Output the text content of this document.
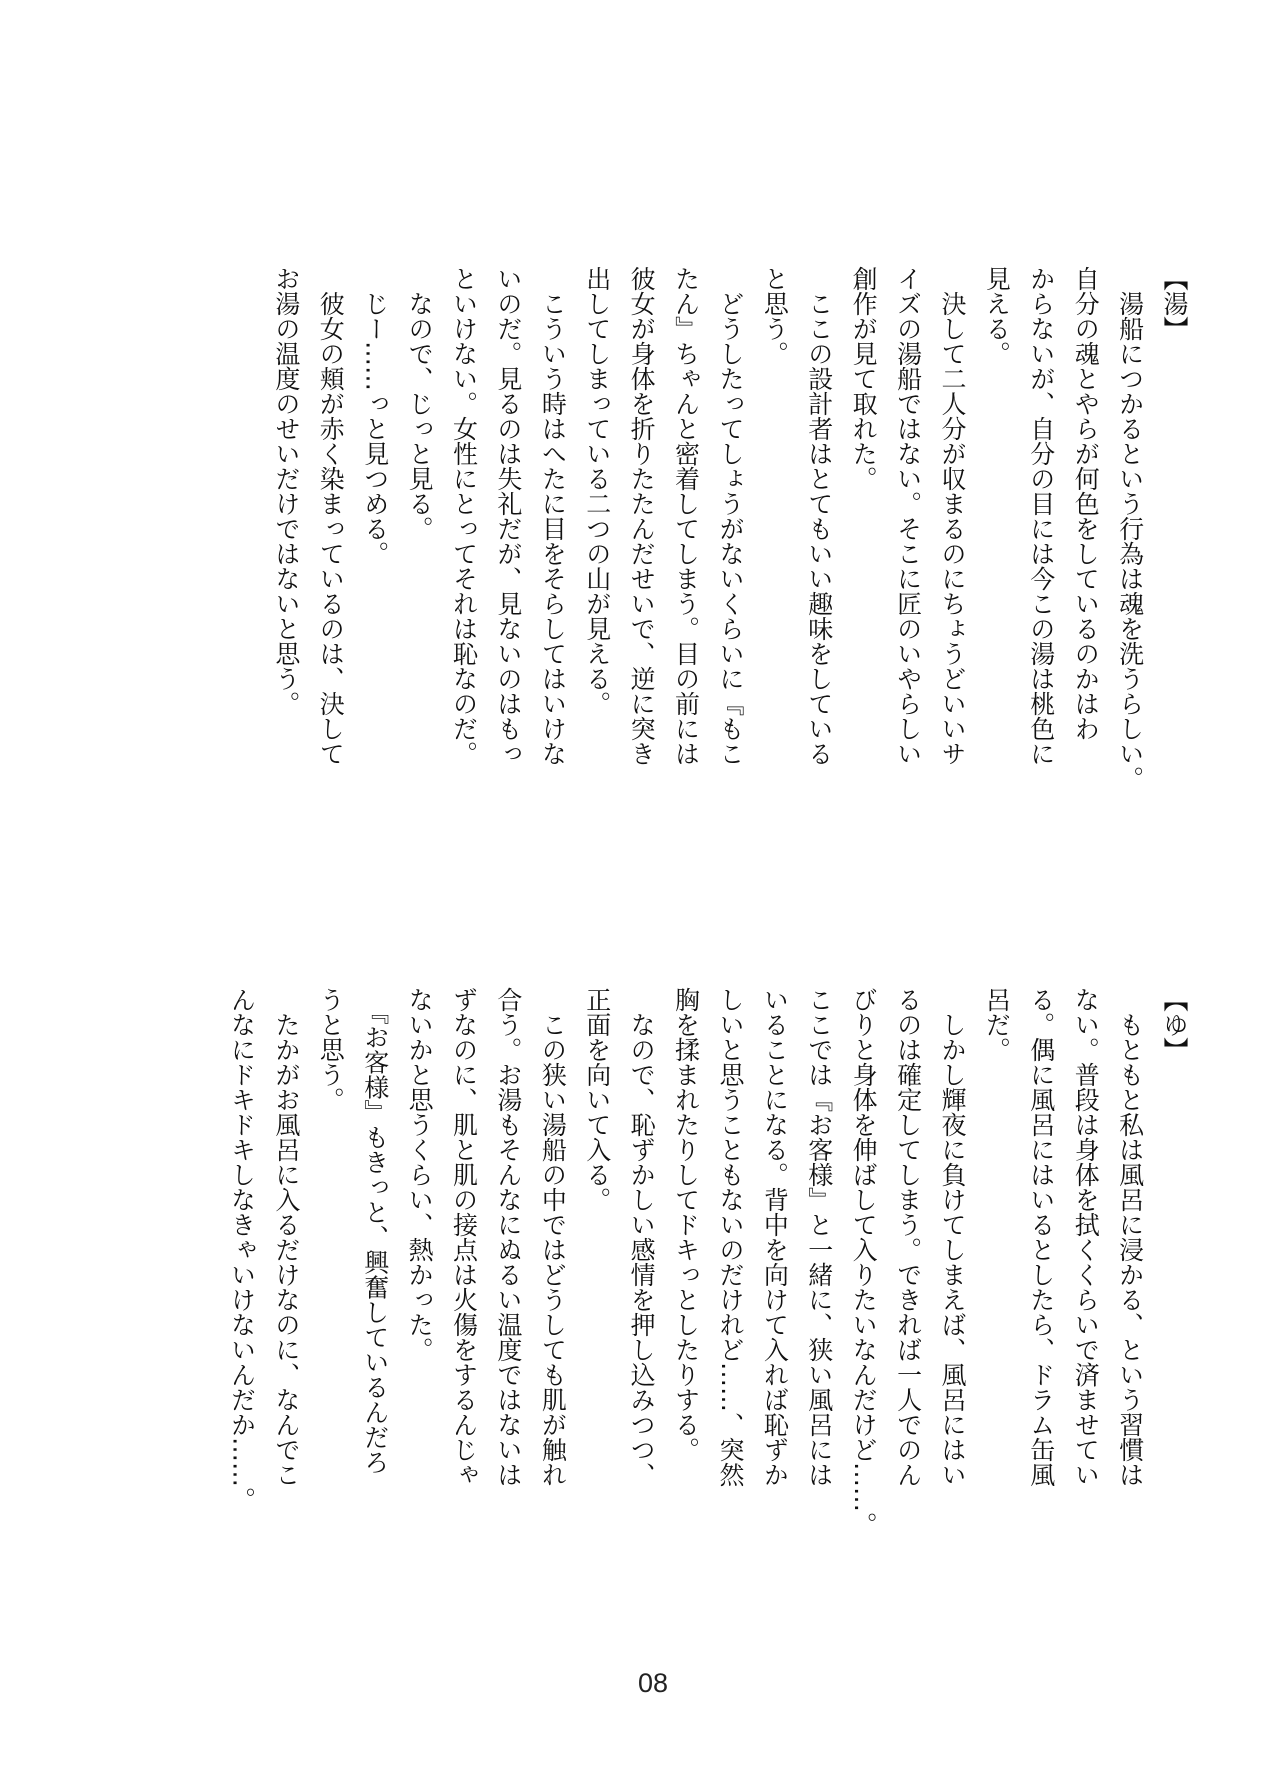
【湯】
　湯船につかるという行為は魂を洗うらしい。
自分の魂とやらが何色をしているのかはわ
からないが、自分の目には今この湯は桃色に
見える。
　決して二人分が収まるのにちょうどいいサ
イズの湯船ではない。そこに匠のいやらしい
創作が見て取れた。
　ここの設計者はとてもいい趣味をしている
と思う。
　どうしたってしょうがないくらいに『もこ
たん』ちゃんと密着してしまう。目の前には
彼女が身体を折りたたんだせいで、逆に突き
出してしまっている二つの山が見える。
　こういう時はへたに目をそらしてはいけな
いのだ。見るのは失礼だが、見ないのはもっ
といけない。女性にとってそれは恥なのだ。
　なので、じっと見る。
　じー……っと見つめる。
　彼女の頬が赤く染まっているのは、決して
お湯の温度のせいだけではないと思う。
【ゆ】
　もともと私は風呂に浸かる、という習慣は
ない。普段は身体を拭くくらいで済ませてい
る。偶に風呂にはいるとしたら、ドラム缶風
呂だ。
　しかし輝夜に負けてしまえば、風呂にはい
るのは確定してしまう。できれば一人でのん
びりと身体を伸ばして入りたいなんだけど……。
ここでは『お客様』と一緒に、狭い風呂には
いることになる。背中を向けて入れば恥ずか
しいと思うこともないのだけれど……、突然
胸を揉まれたりしてドキっとしたりする。
　なので、恥ずかしい感情を押し込みつつ、
正面を向いて入る。
　この狭い湯船の中ではどうしても肌が触れ
合う。お湯もそんなにぬるい温度ではないは
ずなのに、肌と肌の接点は火傷をするんじゃ
ないかと思うくらい、熱かった。
　『お客様』もきっと、興奮しているんだろ
うと思う。
　たかがお風呂に入るだけなのに、なんでこ
んなにドキドキしなきゃいけないんだか……。
08
